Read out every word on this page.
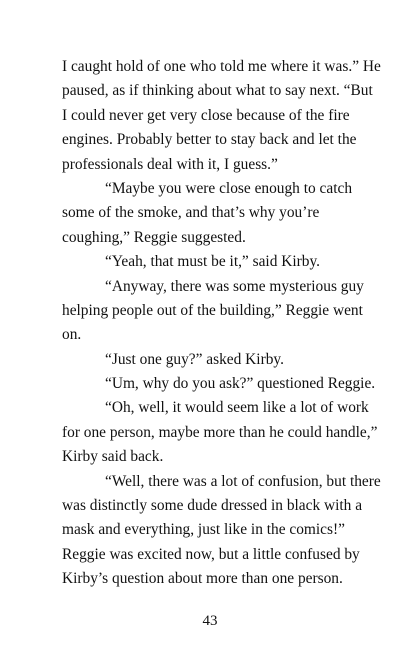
I caught hold of one who told me where it was.” He
paused, as if thinking about what to say next. “But
I could never get very close because of the fire
engines. Probably better to stay back and let the
professionals deal with it, I guess.”
“Maybe you were close enough to catch
some of the smoke, and that’s why you’re
coughing,” Reggie suggested.
“Yeah, that must be it,” said Kirby.
“Anyway, there was some mysterious guy
helping people out of the building,” Reggie went
on.
“Just one guy?” asked Kirby.
“Um, why do you ask?” questioned Reggie.
“Oh, well, it would seem like a lot of work
for one person, maybe more than he could handle,”
Kirby said back.
“Well, there was a lot of confusion, but there
was distinctly some dude dressed in black with a
mask and everything, just like in the comics!”
Reggie was excited now, but a little confused by
Kirby’s question about more than one person.
43
